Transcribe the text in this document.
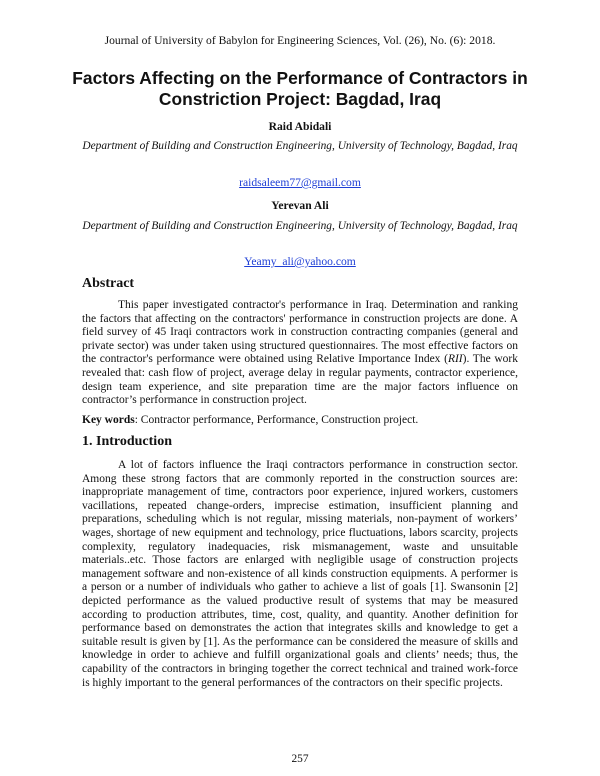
Journal of University of Babylon for Engineering Sciences, Vol. (26), No. (6): 2018.
Factors Affecting on the Performance of Contractors in Constriction Project: Bagdad, Iraq

Raid Abidali

Department of Building and Construction Engineering, University of Technology, Bagdad, Iraq

raidsaleem77@gmail.com

Yerevan Ali

Department of Building and Construction Engineering, University of Technology, Bagdad, Iraq

Yeamy_ali@yahoo.com

Abstract

This paper investigated contractor's performance in Iraq. Determination and ranking the factors that affecting on the contractors' performance in construction projects are done. A field survey of 45 Iraqi contractors work in construction contracting companies (general and private sector) was under taken using structured questionnaires. The most effective factors on the contractor's performance were obtained using Relative Importance Index (RII). The work revealed that: cash flow of project, average delay in regular payments, contractor experience, design team experience, and site preparation time are the major factors influence on contractor’s performance in construction project.

Key words: Contractor performance, Performance, Construction project.

1. Introduction

A lot of factors influence the Iraqi contractors performance in construction sector. Among these strong factors that are commonly reported in the construction sources are: inappropriate management of time, contractors poor experience, injured workers, customers vacillations, repeated change-orders, imprecise estimation, insufficient planning and preparations, scheduling which is not regular, missing materials, non-payment of workers’ wages, shortage of new equipment and technology, price fluctuations, labors scarcity, projects complexity, regulatory inadequacies, risk mismanagement, waste and unsuitable materials..etc. Those factors are enlarged with negligible usage of construction projects management software and non-existence of all kinds construction equipments. A performer is a person or a number of individuals who gather to achieve a list of goals [1]. Swansonin [2] depicted performance as the valued productive result of systems that may be measured according to production attributes, time, cost, quality, and quantity. Another definition for performance based on demonstrates the action that integrates skills and knowledge to get a suitable result is given by [1]. As the performance can be considered the measure of skills and knowledge in order to achieve and fulfill organizational goals and clients’ needs; thus, the capability of the contractors in bringing together the correct technical and trained work-force is highly important to the general performances of the contractors on their specific projects.

257
